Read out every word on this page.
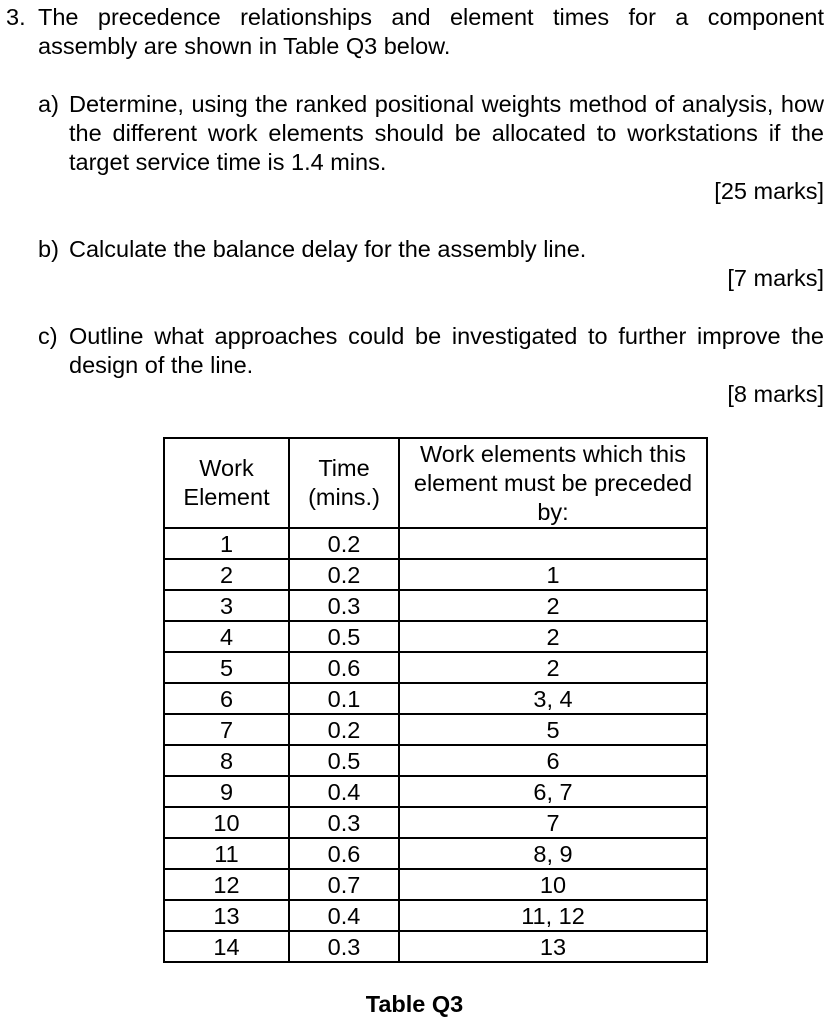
3. The precedence relationships and element times for a component assembly are shown in Table Q3 below.
a) Determine, using the ranked positional weights method of analysis, how the different work elements should be allocated to workstations if the target service time is 1.4 mins.
[25 marks]
b) Calculate the balance delay for the assembly line.
[7 marks]
c) Outline what approaches could be investigated to further improve the design of the line.
[8 marks]
Work Element	Time (mins.)	Work elements which this element must be preceded by:
1	0.2	
2	0.2	1
3	0.3	2
4	0.5	2
5	0.6	2
6	0.1	3, 4
7	0.2	5
8	0.5	6
9	0.4	6, 7
10	0.3	7
11	0.6	8, 9
12	0.7	10
13	0.4	11, 12
14	0.3	13
Table Q3
